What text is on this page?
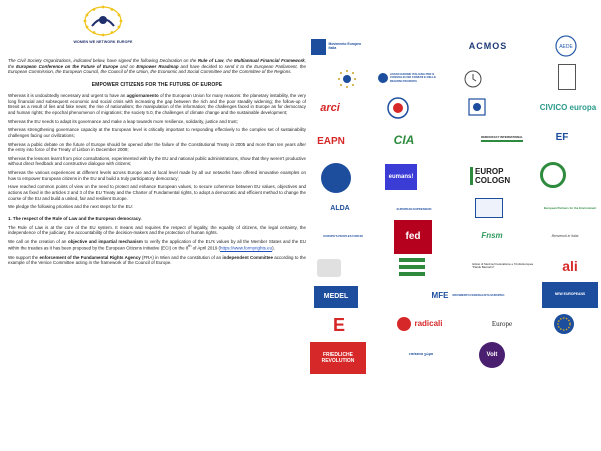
WOMEN WE NETWORK EUROPE

The Civil Society Organizations, indicated below, have signed the following Declaration on the Rule of Law, the Multiannual Financial Framework, the European Conference on the Future of Europe and on Empower Roadmap and have decided to send it to the European Parliament, the European Commission, the European Council, the Council of the Union, the Economic and Social Committee and the Committee of the Regions.

EMPOWER CITIZENS FOR THE FUTURE OF EUROPE

Whereas it is undoubtedly necessary and urgent to have an aggiornamento of the European Union for many reasons: the planetary instability, the very long financial and subsequent economic and social crisis with increasing the gap between the rich and the poor steadily widening; the follow-up of Brexit as a result of lies and fake news; the rise of nationalism; the manipulation of the information; the challenges faced in Europe as for democracy and human rights; the epochal phenomenon of migrations; the society 5.0, the challenges of climate change and the sustainable development;

Whereas the EU needs to adapt its governance and make a leap towards more resilience, solidarity, justice and trust;

Whereas strengthening governance capacity at the European level is critically important to responding effectively to the complex set of sustainability challenges facing our civilizations;

Whereas a public debate on the future of Europe should be opened after the failure of the Constitutional Treaty in 2005 and more than ten years after the entry into force of the Treaty of Lisbon in December 2009;

Whereas the lessons learnt from prior consultations, experimented with by the EU and national public administrations, show that they weren't productive without direct feedback and constructive dialogue with citizens;

Whereas the various experiences at different levels across Europe and at local level made by all our networks have offered innovative examples on how to empower European citizens in the EU and build a truly participatory democracy;

Have reached common points of view on the need to protect and enhance European values, to secure coherence between EU values, objectives and actions as fixed in the articles 2 and 3 of the EU Treaty and the Charter of Fundamental rights, to adopt a democratic and efficient method to change the course of the EU and build a united, fair and resilient Europe.

We pledge the following priorities and the next steps for the EU:

1. The respect of the Rule of Law and the European democracy.

The Rule of Law is at the core of the EU system. It means and requires the respect of legality, the equality of citizens, the legal certainty, the independence of the judiciary, the accountability of the decision-makers and the protection of human rights.

We call on the creation of an objective and impartial mechanism to verify the application of the EU's values by all the Member States and the EU within the treaties as it has been proposed by the European Citizens Initiative (ECI) on the 8th of April 2019 (https://www.formyrights.eu).

We support the enforcement of the Fundamental Rights Agency (FRA) in Wien and the constitution of an independent Committee according to the example of the Venice Committee acting in the framework of the Council of Europe.

Movimento Europeo Italia	ACMOS	AEDE
ASSOCIAZIONE ITALIANA PER IL CONSIGLIO DEI COMUNI E DELLE REGIONI D'EUROPA
arci	CIVICO europa
EAPN	CIA	DEMOCRACY INTERNATIONAL	EF
eumans!
EUROP COLOGN
ALDA	EUROPEAN EXPRESSION	European Partners for the Environment
EUROPE'S PEOPLES FORUM	fed	Fnsm	Benvenuti in Italia
Istituto di Studi sul Federalismo e l'Unità Europea "Paride Baccarini"	ali
MEDEL	MFE MOVIMENTO FEDERALISTA EUROPEO	NEW EUROPEANS
E	radicali	Europe
FRIEDLICHE REVOLUTION
επέκεινα χώρα	Volt
